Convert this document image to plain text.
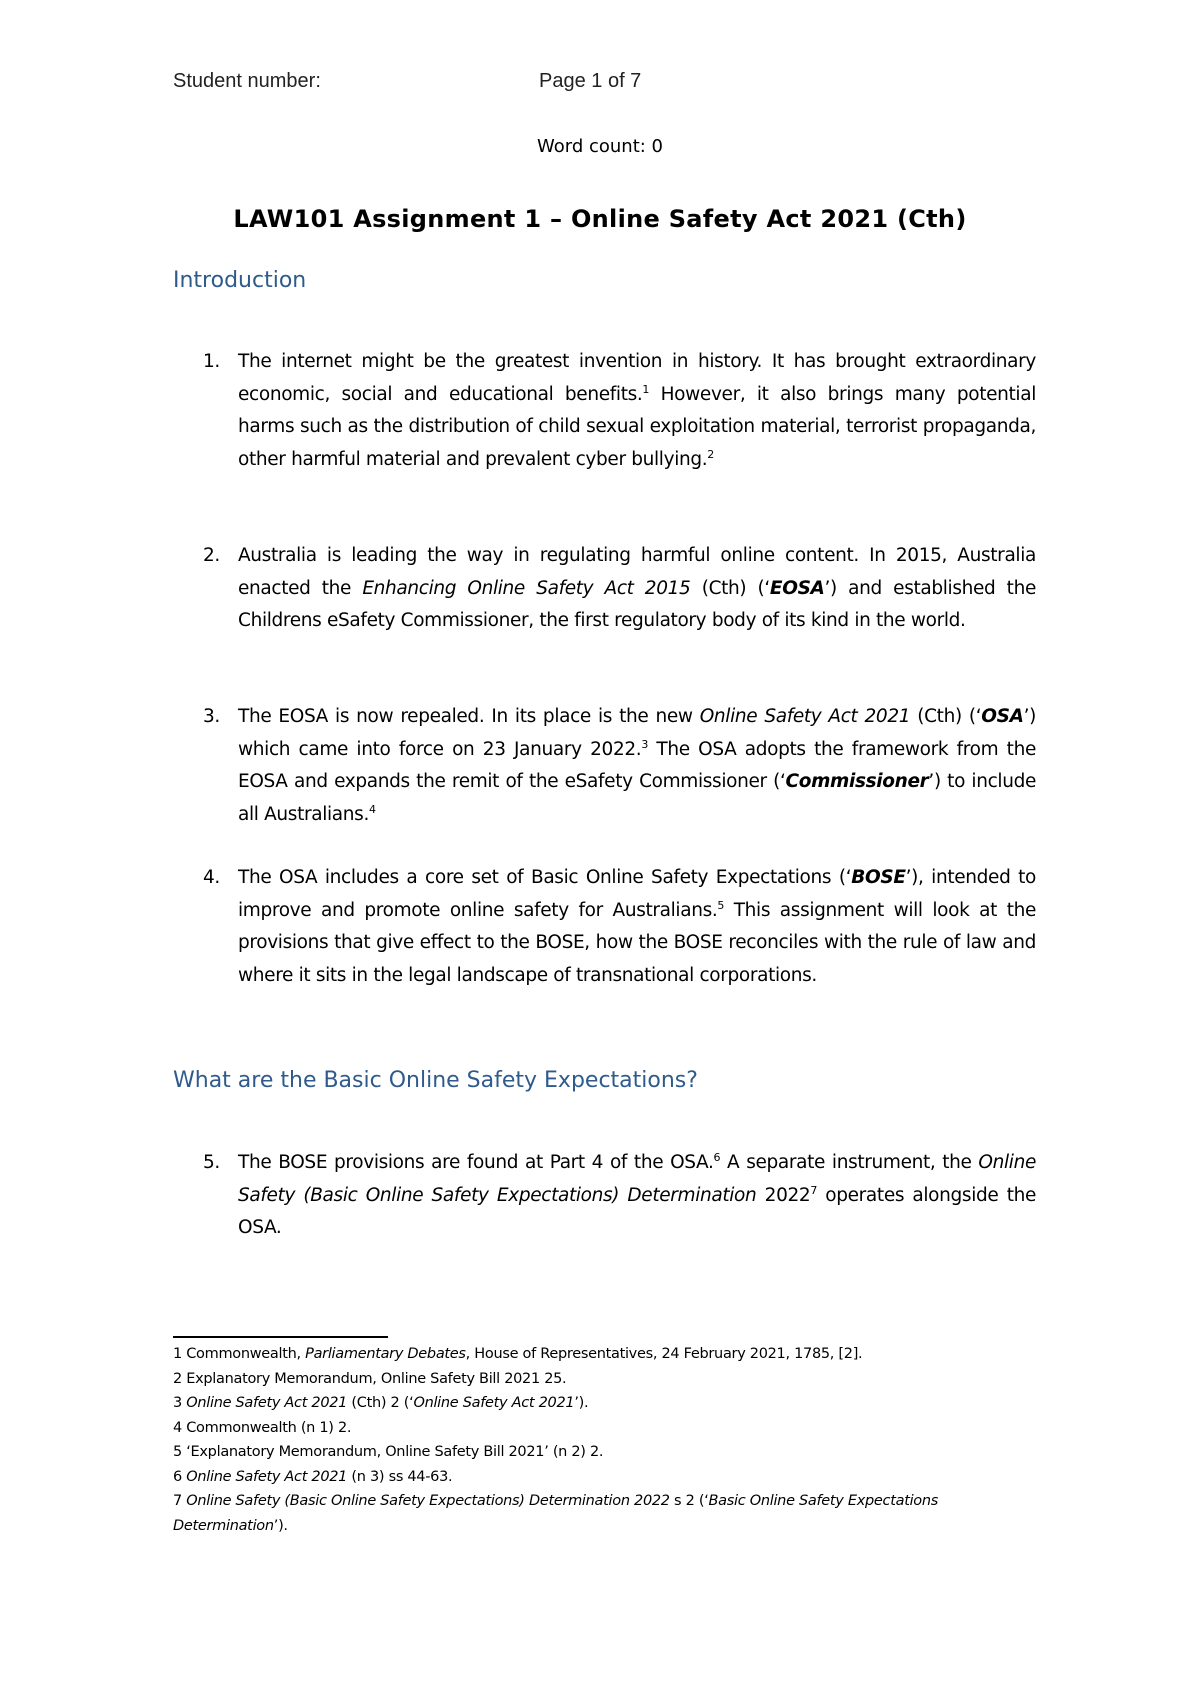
Student number:	Page 1 of 7
Word count: 0
LAW101 Assignment 1 – Online Safety Act 2021 (Cth)
Introduction
1. The internet might be the greatest invention in history. It has brought extraordinary economic, social and educational benefits.$^1$ However, it also brings many potential harms such as the distribution of child sexual exploitation material, terrorist propaganda, other harmful material and prevalent cyber bullying.$^2$
2. Australia is leading the way in regulating harmful online content. In 2015, Australia enacted the Enhancing Online Safety Act 2015 (Cth) (‘EOSA’) and established the Childrens eSafety Commissioner, the first regulatory body of its kind in the world.
3. The EOSA is now repealed. In its place is the new Online Safety Act 2021 (Cth) (‘OSA’) which came into force on 23 January 2022.$^3$ The OSA adopts the framework from the EOSA and expands the remit of the eSafety Commissioner (‘Commissioner’) to include all Australians.$^4$
4. The OSA includes a core set of Basic Online Safety Expectations (‘BOSE’), intended to improve and promote online safety for Australians.$^5$ This assignment will look at the provisions that give effect to the BOSE, how the BOSE reconciles with the rule of law and where it sits in the legal landscape of transnational corporations.
What are the Basic Online Safety Expectations?
5. The BOSE provisions are found at Part 4 of the OSA.$^6$ A separate instrument, the Online Safety (Basic Online Safety Expectations) Determination 2022$^7$ operates alongside the OSA.
1 Commonwealth, Parliamentary Debates, House of Representatives, 24 February 2021, 1785, [2].
2 Explanatory Memorandum, Online Safety Bill 2021 25.
3 Online Safety Act 2021 (Cth) 2 (‘Online Safety Act 2021’).
4 Commonwealth (n 1) 2.
5 ‘Explanatory Memorandum, Online Safety Bill 2021’ (n 2) 2.
6 Online Safety Act 2021 (n 3) ss 44-63.
7 Online Safety (Basic Online Safety Expectations) Determination 2022 s 2 (‘Basic Online Safety Expectations Determination’).
